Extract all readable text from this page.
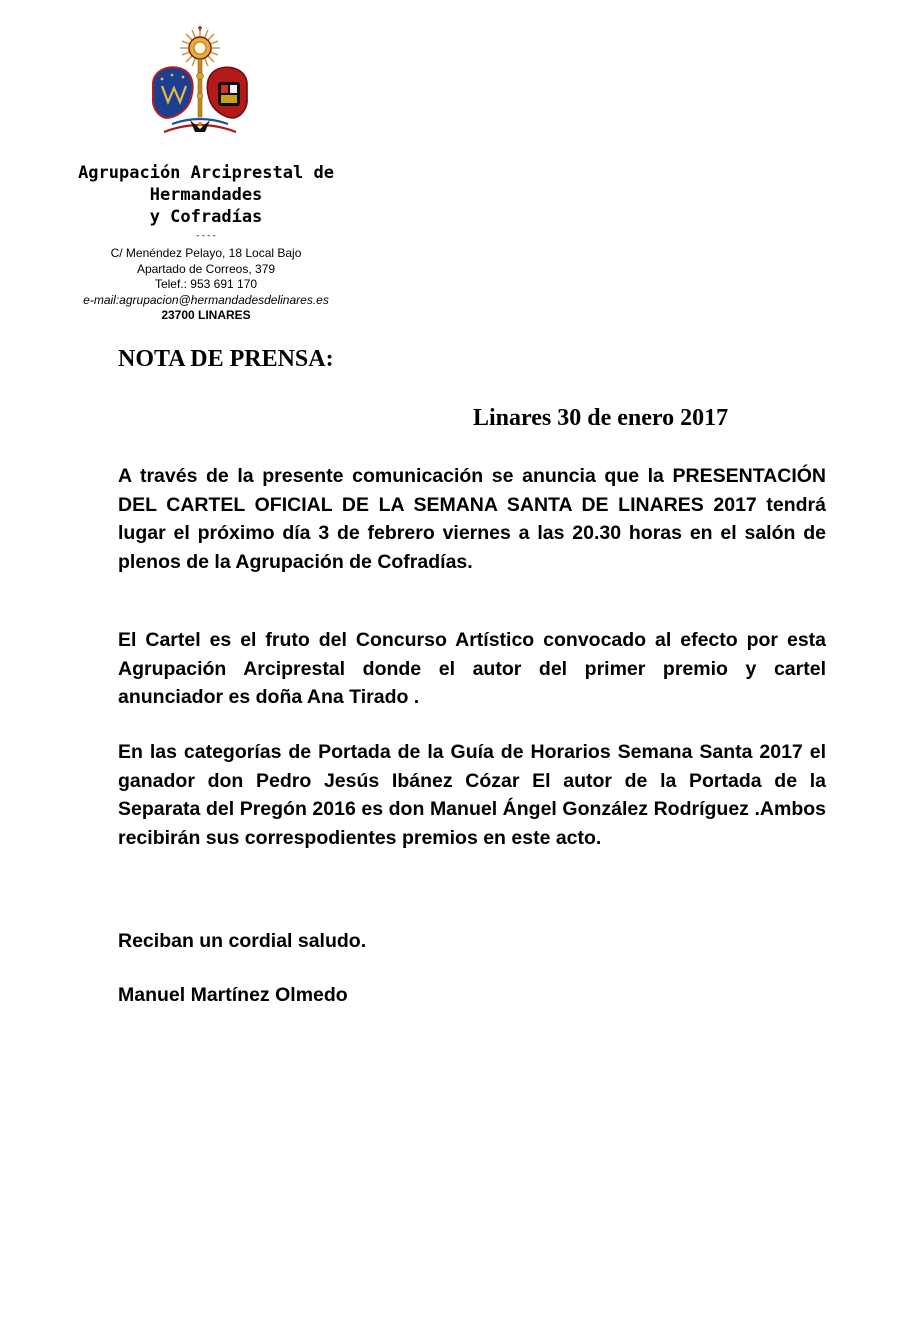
Agrupación Arciprestal de
Hermandades
y Cofradías
----
C/ Menéndez Pelayo, 18 Local Bajo
Apartado de Correos, 379
Telef.: 953 691 170
e-mail:agrupacion@hermandadesdelinares.es
23700 LINARES
NOTA DE PRENSA:
Linares 30 de enero 2017
A través de la presente comunicación se anuncia que la PRESENTACIÓN DEL CARTEL OFICIAL DE LA SEMANA SANTA DE LINARES 2017 tendrá lugar el próximo día 3 de febrero viernes a las 20.30 horas en el salón de plenos de la Agrupación de Cofradías.
El Cartel es el fruto del Concurso Artístico convocado al efecto por esta Agrupación Arciprestal donde el autor del primer premio y cartel anunciador es doña Ana Tirado .
En las categorías de Portada de la Guía de Horarios Semana Santa 2017 el ganador don Pedro Jesús Ibánez Cózar El autor de la Portada de la Separata del Pregón 2016 es don Manuel Ángel González Rodríguez .Ambos recibirán sus correspodientes premios en este acto.
Reciban un cordial saludo.
Manuel Martínez Olmedo
